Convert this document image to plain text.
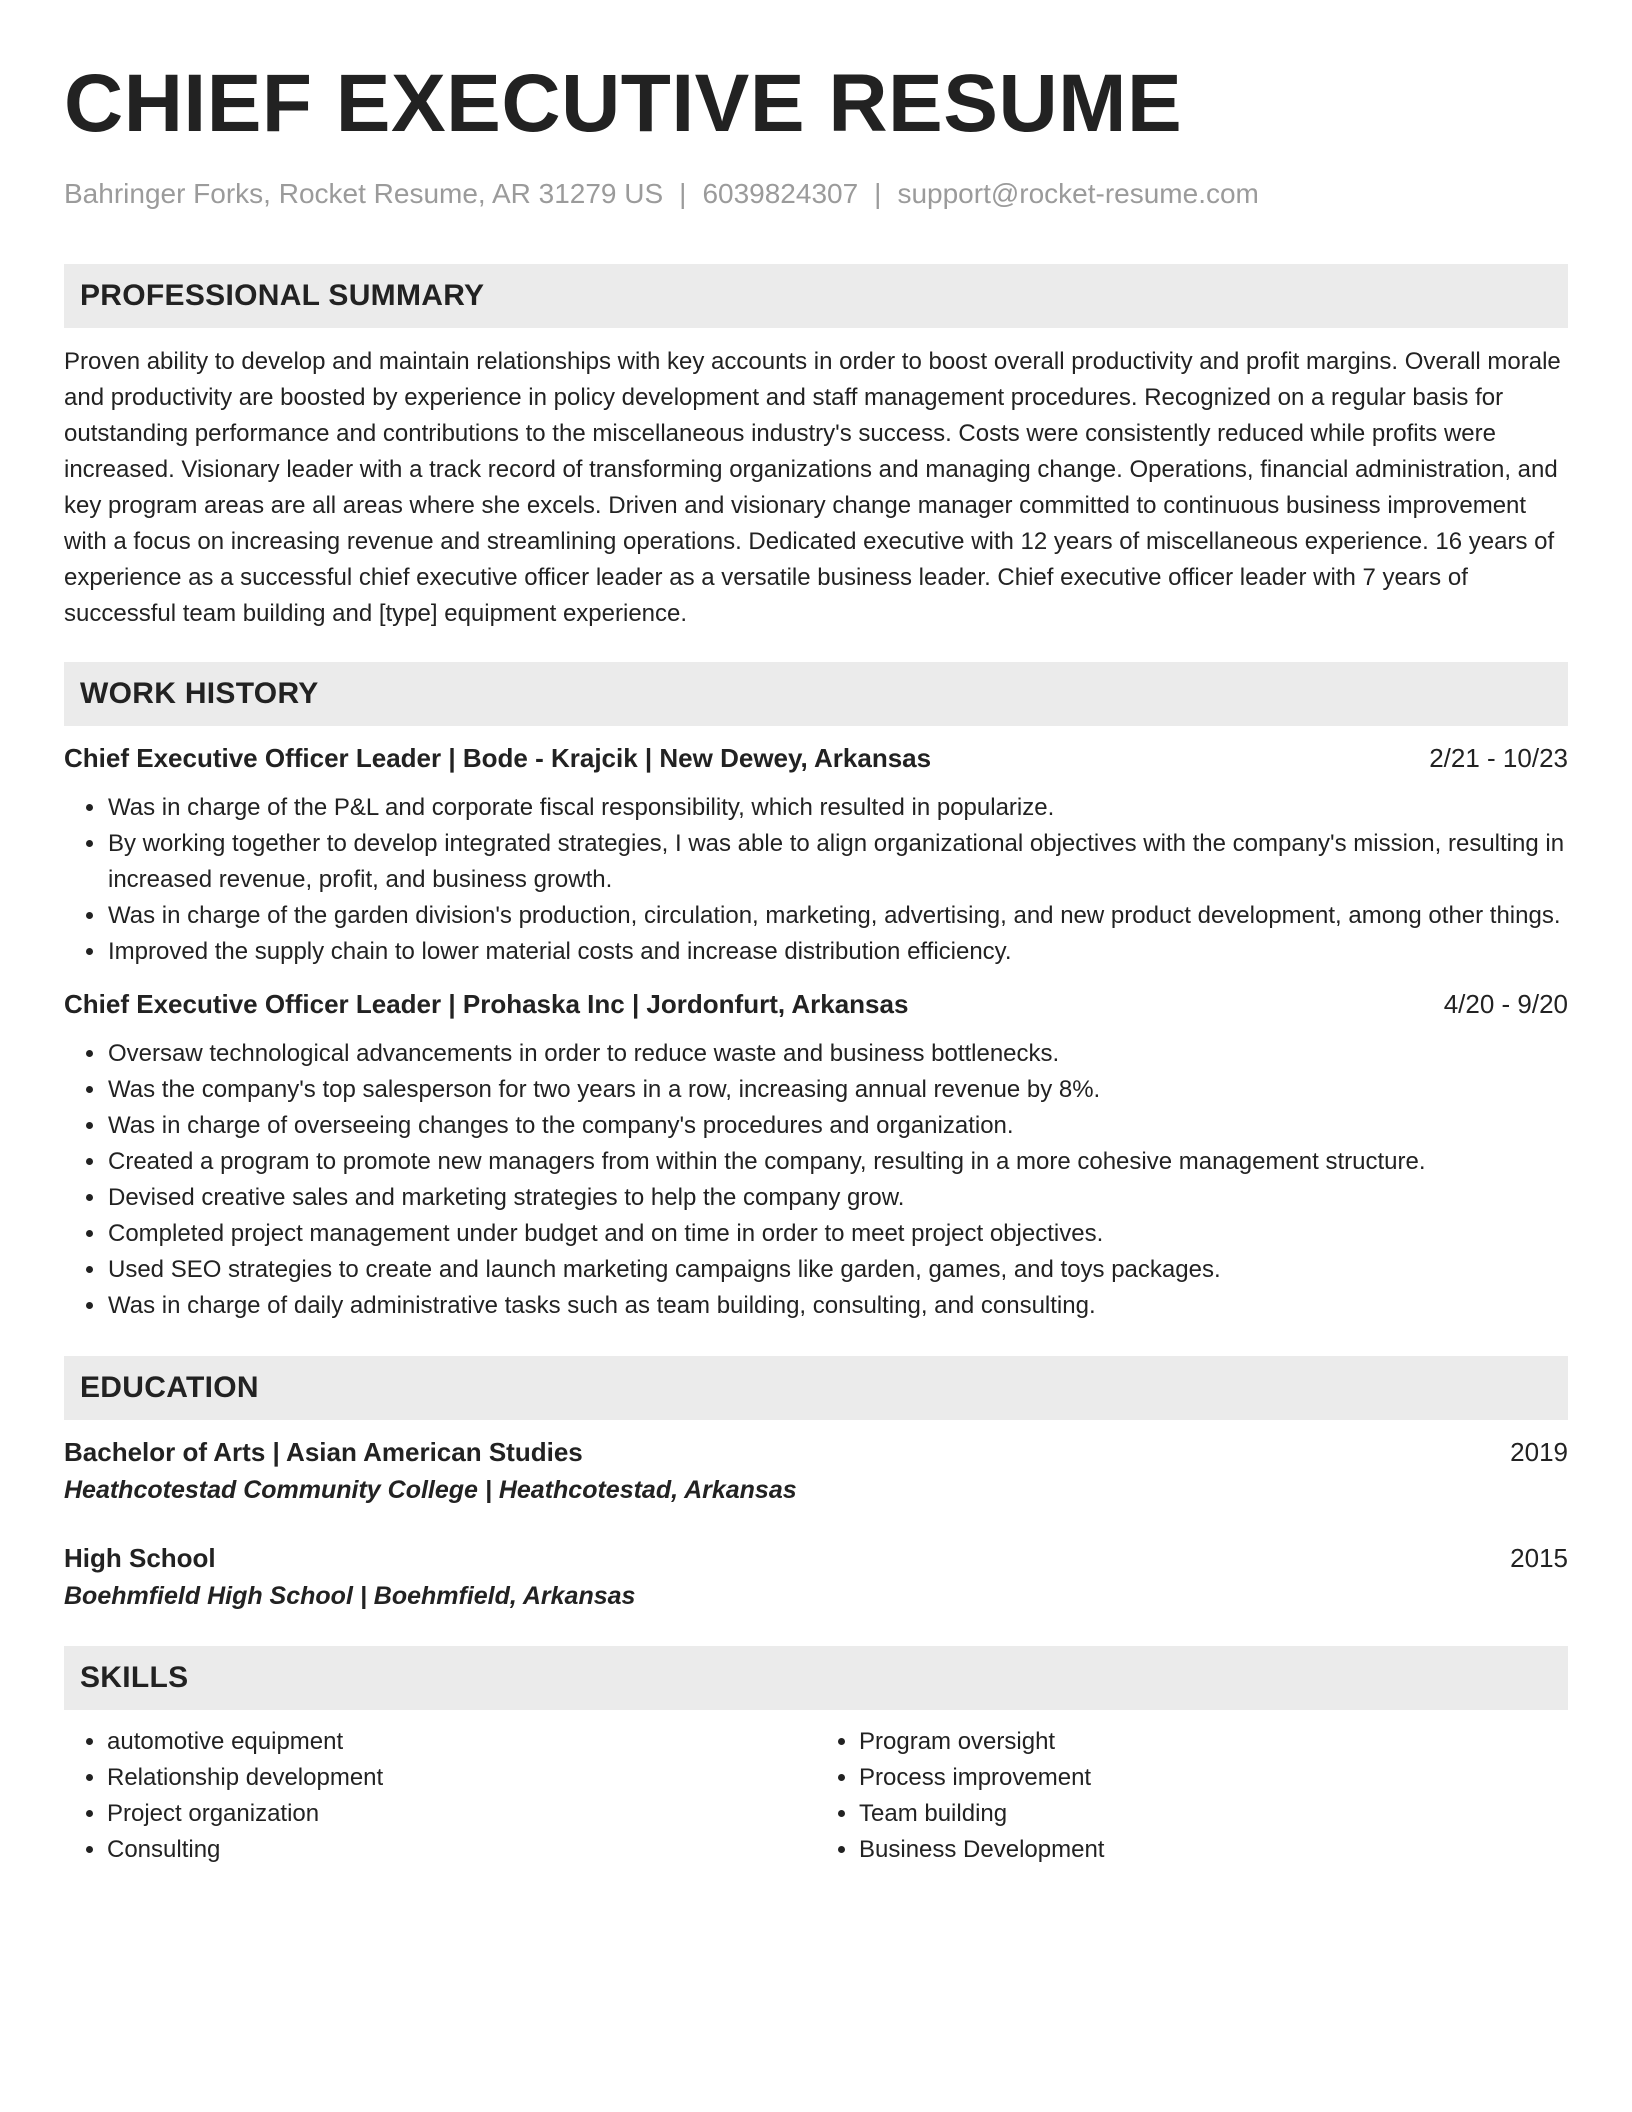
CHIEF EXECUTIVE RESUME
Bahringer Forks, Rocket Resume, AR 31279 US | 6039824307 | support@rocket-resume.com
PROFESSIONAL SUMMARY
Proven ability to develop and maintain relationships with key accounts in order to boost overall productivity and profit margins. Overall morale and productivity are boosted by experience in policy development and staff management procedures. Recognized on a regular basis for outstanding performance and contributions to the miscellaneous industry's success. Costs were consistently reduced while profits were increased. Visionary leader with a track record of transforming organizations and managing change. Operations, financial administration, and key program areas are all areas where she excels. Driven and visionary change manager committed to continuous business improvement with a focus on increasing revenue and streamlining operations. Dedicated executive with 12 years of miscellaneous experience. 16 years of experience as a successful chief executive officer leader as a versatile business leader. Chief executive officer leader with 7 years of successful team building and [type] equipment experience.
WORK HISTORY
Chief Executive Officer Leader | Bode - Krajcik | New Dewey, Arkansas	2/21 - 10/23
• Was in charge of the P&L and corporate fiscal responsibility, which resulted in popularize.
• By working together to develop integrated strategies, I was able to align organizational objectives with the company's mission, resulting in increased revenue, profit, and business growth.
• Was in charge of the garden division's production, circulation, marketing, advertising, and new product development, among other things.
• Improved the supply chain to lower material costs and increase distribution efficiency.
Chief Executive Officer Leader | Prohaska Inc | Jordonfurt, Arkansas	4/20 - 9/20
• Oversaw technological advancements in order to reduce waste and business bottlenecks.
• Was the company's top salesperson for two years in a row, increasing annual revenue by 8%.
• Was in charge of overseeing changes to the company's procedures and organization.
• Created a program to promote new managers from within the company, resulting in a more cohesive management structure.
• Devised creative sales and marketing strategies to help the company grow.
• Completed project management under budget and on time in order to meet project objectives.
• Used SEO strategies to create and launch marketing campaigns like garden, games, and toys packages.
• Was in charge of daily administrative tasks such as team building, consulting, and consulting.
EDUCATION
Bachelor of Arts | Asian American Studies	2019
Heathcotestad Community College | Heathcotestad, Arkansas
High School	2015
Boehmfield High School | Boehmfield, Arkansas
SKILLS
• automotive equipment
• Relationship development
• Project organization
• Consulting
• Program oversight
• Process improvement
• Team building
• Business Development
